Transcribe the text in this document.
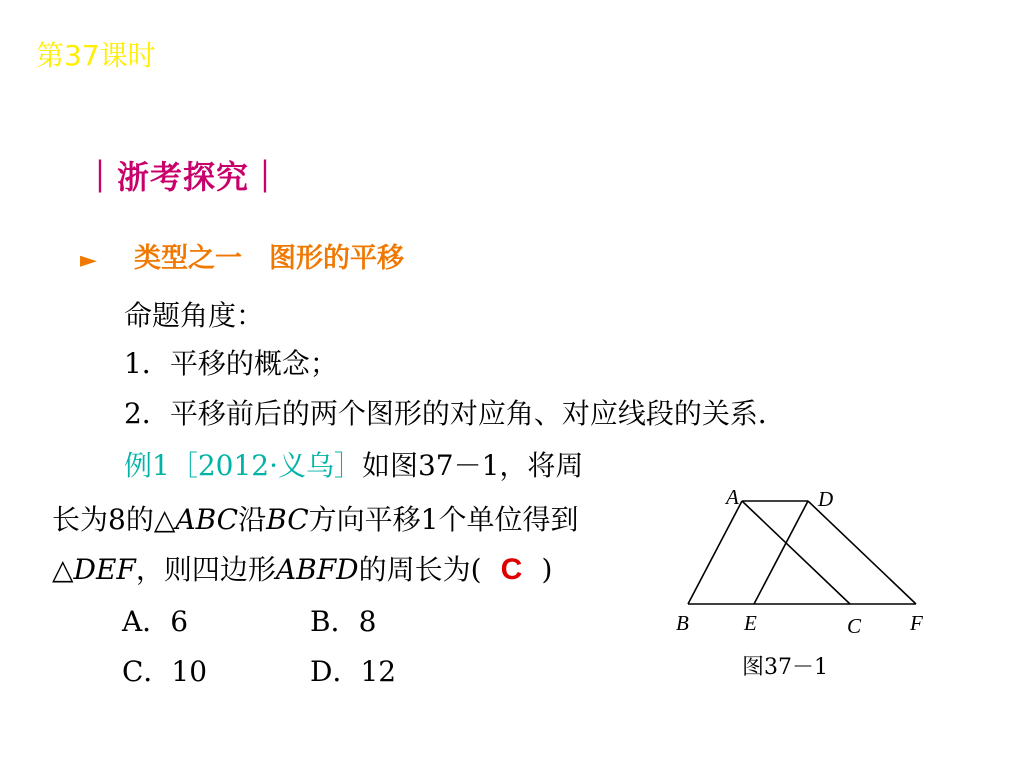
第37课时
｜浙考探究｜
► 类型之一　图形的平移
命题角度：
1．平移的概念；
2．平移前后的两个图形的对应角、对应线段的关系．
例1［2012·义乌］如图37－1，将周
长为8的△ABC沿BC方向平移1个单位得到
△DEF，则四边形ABFD的周长为( C )
A．6	B．8
C．10	D．12
A	D
B	E	C F
图37－1
